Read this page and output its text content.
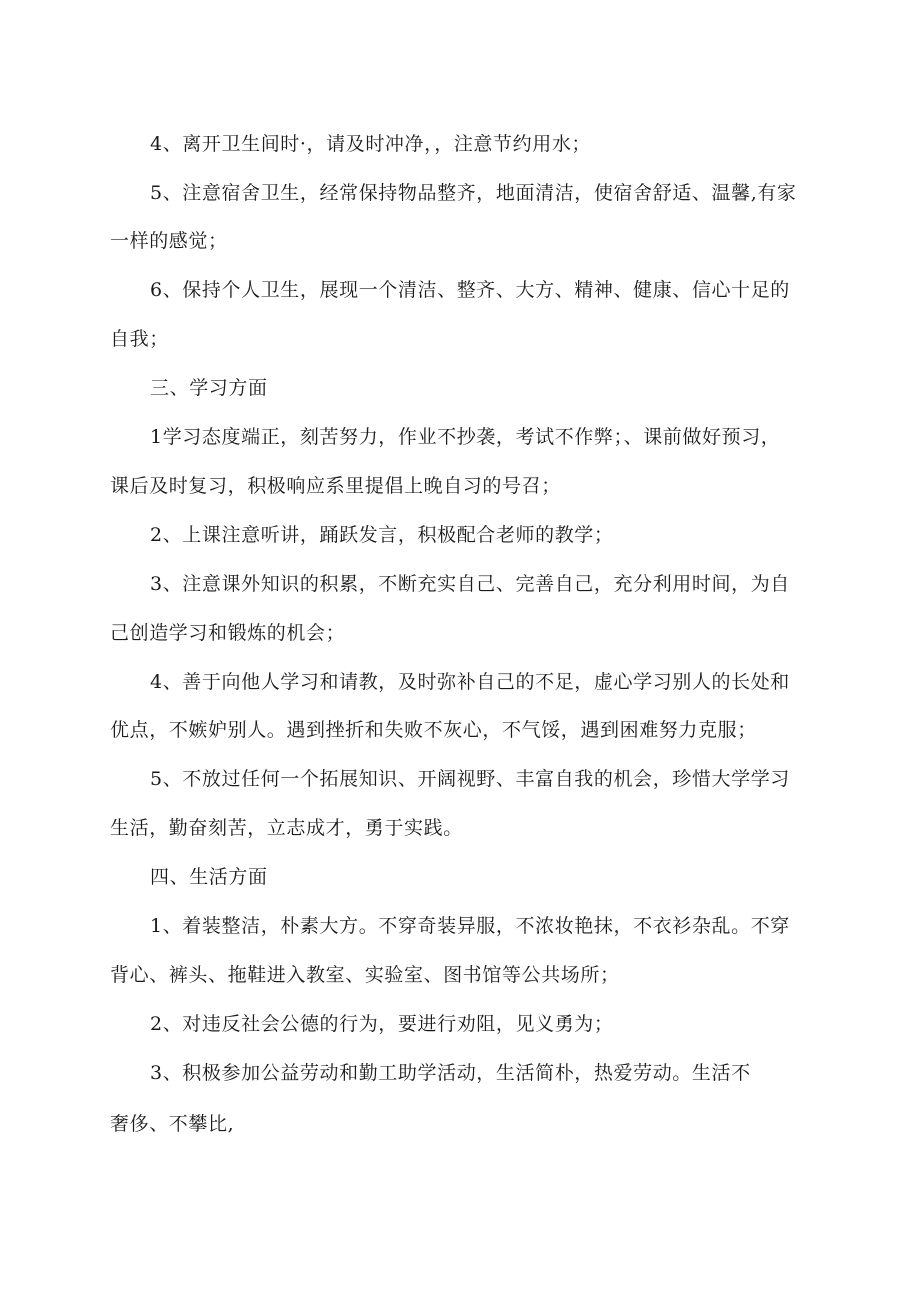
4、离开卫生间时·，请及时冲净，，注意节约用水；
5、注意宿舍卫生，经常保持物品整齐，地面清洁，使宿舍舒适、温馨,有家
一样的感觉；
6、保持个人卫生，展现一个清洁、整齐、大方、精神、健康、信心十足的
自我；
三、学习方面
1学习态度端正，刻苦努力，作业不抄袭，考试不作弊；、课前做好预习，
课后及时复习，积极响应系里提倡上晚自习的号召；
2、上课注意听讲，踊跃发言，积极配合老师的教学；
3、注意课外知识的积累，不断充实自己、完善自己，充分利用时间，为自
己创造学习和锻炼的机会；
4、善于向他人学习和请教，及时弥补自己的不足，虚心学习别人的长处和
优点，不嫉妒别人。遇到挫折和失败不灰心，不气馁，遇到困难努力克服；
5、不放过任何一个拓展知识、开阔视野、丰富自我的机会，珍惜大学学习
生活，勤奋刻苦，立志成才，勇于实践。
四、生活方面
1、着装整洁，朴素大方。不穿奇装异服，不浓妆艳抹，不衣衫杂乱。不穿
背心、裤头、拖鞋进入教室、实验室、图书馆等公共场所；
2、对违反社会公德的行为，要进行劝阻，见义勇为；
3、积极参加公益劳动和勤工助学活动，生活简朴，热爱劳动。生活不
奢侈、不攀比,
